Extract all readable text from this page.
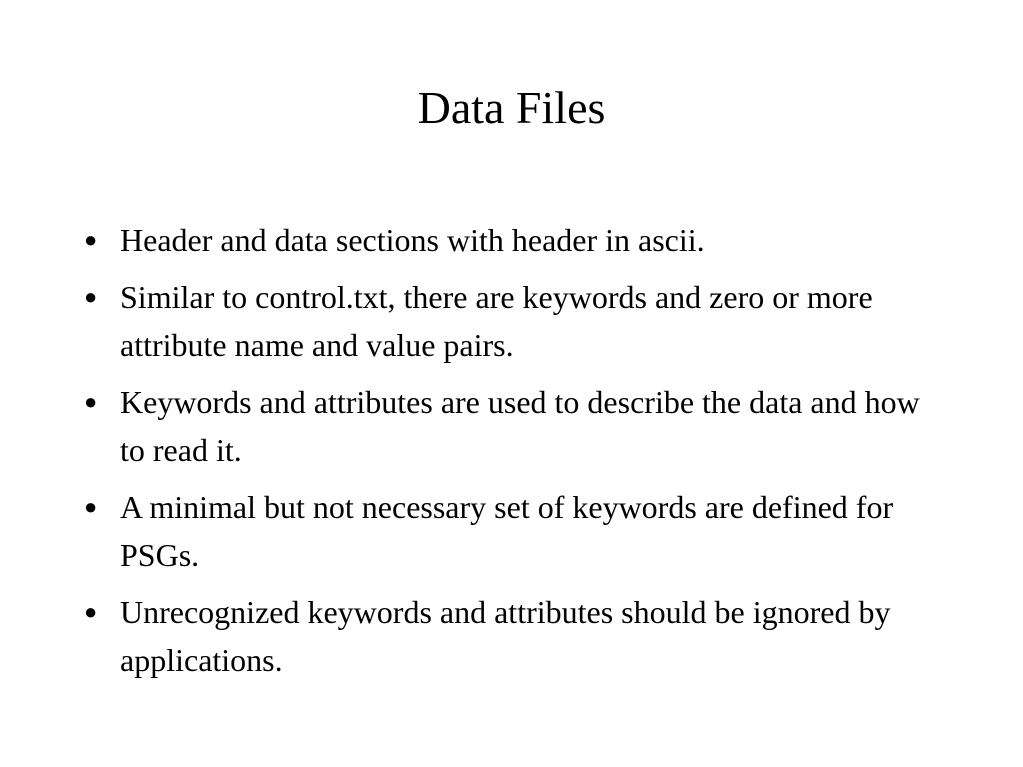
Data Files
● Header and data sections with header in ascii.
● Similar to control.txt, there are keywords and zero or more attribute name and value pairs.
● Keywords and attributes are used to describe the data and how to read it.
● A minimal but not necessary set of keywords are defined for PSGs.
● Unrecognized keywords and attributes should be ignored by applications.
